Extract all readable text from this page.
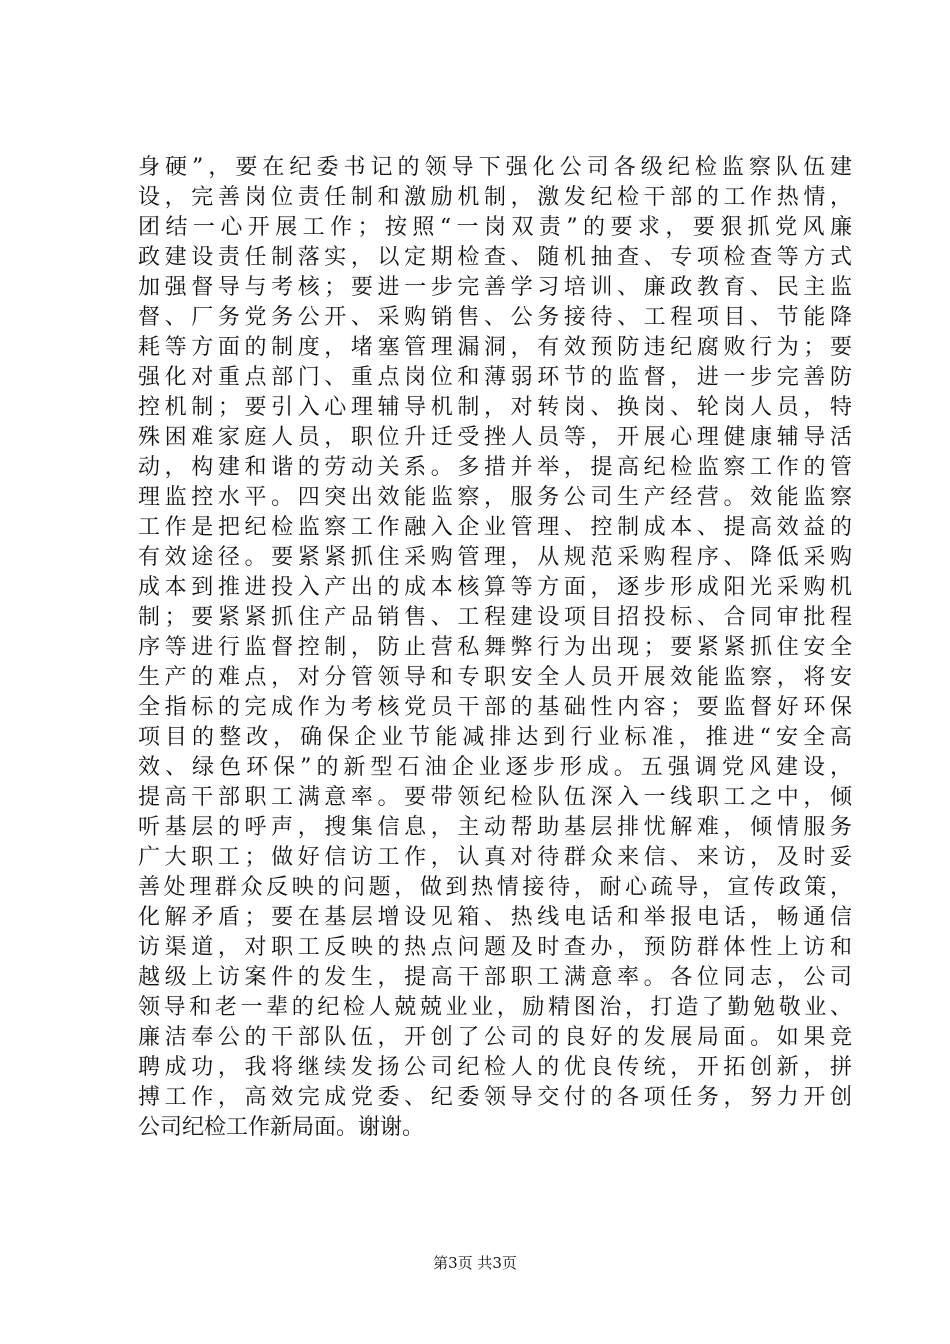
身硬”，要在纪委书记的领导下强化公司各级纪检监察队伍建
设，完善岗位责任制和激励机制，激发纪检干部的工作热情，
团结一心开展工作；按照“一岗双责”的要求，要狠抓党风廉
政建设责任制落实，以定期检查、随机抽查、专项检查等方式
加强督导与考核；要进一步完善学习培训、廉政教育、民主监
督、厂务党务公开、采购销售、公务接待、工程项目、节能降
耗等方面的制度，堵塞管理漏洞，有效预防违纪腐败行为；要
强化对重点部门、重点岗位和薄弱环节的监督，进一步完善防
控机制；要引入心理辅导机制，对转岗、换岗、轮岗人员，特
殊困难家庭人员，职位升迁受挫人员等，开展心理健康辅导活
动，构建和谐的劳动关系。多措并举，提高纪检监察工作的管
理监控水平。四突出效能监察，服务公司生产经营。效能监察
工作是把纪检监察工作融入企业管理、控制成本、提高效益的
有效途径。要紧紧抓住采购管理，从规范采购程序、降低采购
成本到推进投入产出的成本核算等方面，逐步形成阳光采购机
制；要紧紧抓住产品销售、工程建设项目招投标、合同审批程
序等进行监督控制，防止营私舞弊行为出现；要紧紧抓住安全
生产的难点，对分管领导和专职安全人员开展效能监察，将安
全指标的完成作为考核党员干部的基础性内容；要监督好环保
项目的整改，确保企业节能减排达到行业标准，推进“安全高
效、绿色环保”的新型石油企业逐步形成。五强调党风建设，
提高干部职工满意率。要带领纪检队伍深入一线职工之中，倾
听基层的呼声，搜集信息，主动帮助基层排忧解难，倾情服务
广大职工；做好信访工作，认真对待群众来信、来访，及时妥
善处理群众反映的问题，做到热情接待，耐心疏导，宣传政策，
化解矛盾；要在基层增设见箱、热线电话和举报电话，畅通信
访渠道，对职工反映的热点问题及时查办，预防群体性上访和
越级上访案件的发生，提高干部职工满意率。各位同志，公司
领导和老一辈的纪检人兢兢业业，励精图治，打造了勤勉敬业、
廉洁奉公的干部队伍，开创了公司的良好的发展局面。如果竞
聘成功，我将继续发扬公司纪检人的优良传统，开拓创新，拼
搏工作，高效完成党委、纪委领导交付的各项任务，努力开创
公司纪检工作新局面。谢谢。
第3页 共3页
